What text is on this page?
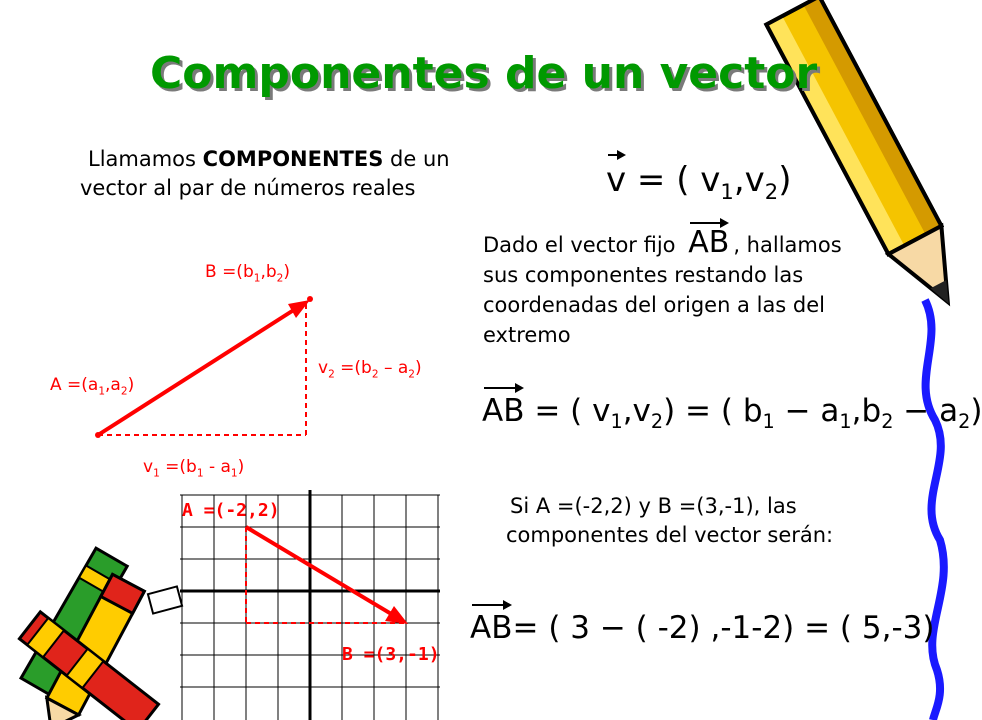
Componentes de un vector
Llamamos COMPONENTES de un vector al par de números reales	v = ( $v_1,v_2$)
Dado el vector fijo AB , hallamos sus componentes restando las coordenadas del origen a las del extremo
AB = ( $v_1,v_2$) = ( $b_1 - a_1,b_2 - a_2$)
$B =(b_1,b_2)$
$A =(a_1,a_2)$
$v_2 =(b_2 - a_2)$
$v_1 =(b_1 - a_1)$
A =(-2,2)
B =(3,-1)
Si A =(-2,2) y B =(3,-1), las componentes del vector serán:
AB= ( 3 − ( -2) ,-1-2) = ( 5,-3)
